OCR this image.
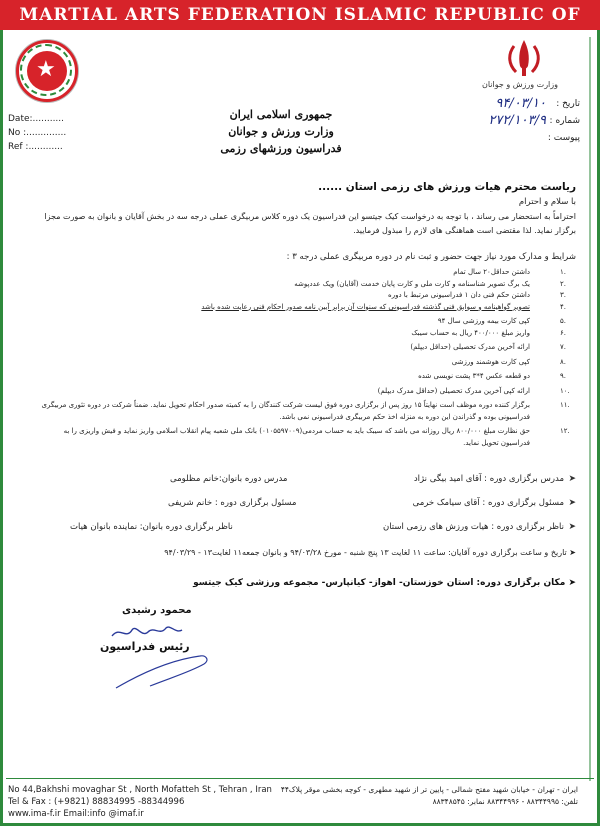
MARTIAL ARTS FEDERATION ISLAMIC REPUBLIC OF IRAN
★
وزارت ورزش و جوانان
Date:...........
No :..............
Ref :............
جمهوری اسلامی ایران
وزارت ورزش و جوانان
فدراسیون ورزشهای رزمی
تاریخ :
۹۴/۰۳/۱۰
شماره :
۲۷۲/۱۰۳/۹
پیوست :
ریاست محترم هیات ورزش های رزمی استان ......
با سلام و احترام
احتراماً به استحضار می رساند ، با توجه به درخواست کیک جیتسو این فدراسیون یک دوره کلاس مربیگری عملی درجه سه در بخش آقایان و بانوان به صورت مجزا برگزار نماید. لذا مقتضی است هماهنگی های لازم را مبذول فرمایید.
شرایط و مدارک مورد نیاز جهت حضور و ثبت نام در دوره مربیگری عملی درجه ۳ :
.۱
داشتن حداقل۲۰ سال تمام
.۲
یک برگ تصویر شناسنامه و کارت ملی و کارت پایان خدمت (آقایان) ویک عددپوشه
.۳
داشتن حکم فنی دان ۱ فدراسیونی مرتبط با دوره
.۴
تصویر گواهینامه و سوابق فنی گذشته فدراسیونی که سنوات آن برابر آیین نامه صدور احکام فنی رعایت شده باشد
.۵
کپی کارت بیمه ورزشی سال ۹۴
.۶
واریز مبلغ ۴۰۰/۰۰۰ ریال به حساب سیبک
.۷
ارائه آخرین مدرک تحصیلی (حداقل دیپلم)
.۸
کپی کارت هوشمند ورزشی
.۹
دو قطعه عکس ۴*۳ پشت نویسی شده
.۱۰
ارائه کپی آخرین مدرک تحصیلی (حداقل مدرک دیپلم)
.۱۱
برگزار کننده دوره موظف است نهایتاً ۱۵ روز پس از برگزاری دوره فوق لیست شرکت کنندگان را به کمیته صدور احکام تحویل نماید. ضمناً شرکت در دوره تئوری مربیگری فدراسیونی بوده و گذراندن این دوره به منزله اخذ حکم مربیگری فدراسیونی نمی باشد.
.۱۲
حق نظارت مبلغ ۸۰۰/۰۰۰ ریال روزانه می باشد که سیبک باید به حساب مردمی(۰۱۰۵۵۹۷۰۰۹) بانک ملی شعبه پیام انقلاب اسلامی واریز نماید و فیش واریزی را به فدراسیون تحویل نماید.
➤
مدرس برگزاری دوره : آقای امید بیگی نژاد
مدرس دوره بانوان:خانم مظلومی
➤
مسئول برگزاری دوره : آقای سیامک خرمی
مسئول برگزاری دوره : خانم شریفی
➤
ناظر برگزاری دوره : هیات ورزش های رزمی استان
ناظر برگزاری دوره بانوان: نماینده بانوان هیات
➤ تاریخ و ساعت برگزاری دوره آقایان: ساعت ۱۱ لغایت ۱۳ پنج شنبه - مورخ ۹۴/۰۳/۲۸ و بانوان جمعه۱۱ لغایت۱۳ - ۹۴/۰۳/۲۹
➤ مکان برگزاری دوره: استان خوزستان- اهواز- کیانپارس- مجموعه ورزشی کیک جیتسو
محمود رشیدی
رئیس فدراسیون
No 44,Bakhshi movaghar St , North Mofatteh St , Tehran , Iran
Tel & Fax : (+9821) 88834995 -88344996
www.ima-f.ir Email:info @imaf.ir
ایران - تهران - خیابان شهید مفتح شمالی - پایین تر از شهید مطهری - کوچه بخشی موقر پلاک۴۴
تلفن: ۸۸۳۴۴۹۹۵ - ۸۸۳۴۴۹۹۶ نمابر: ۸۸۳۴۸۵۴۵
